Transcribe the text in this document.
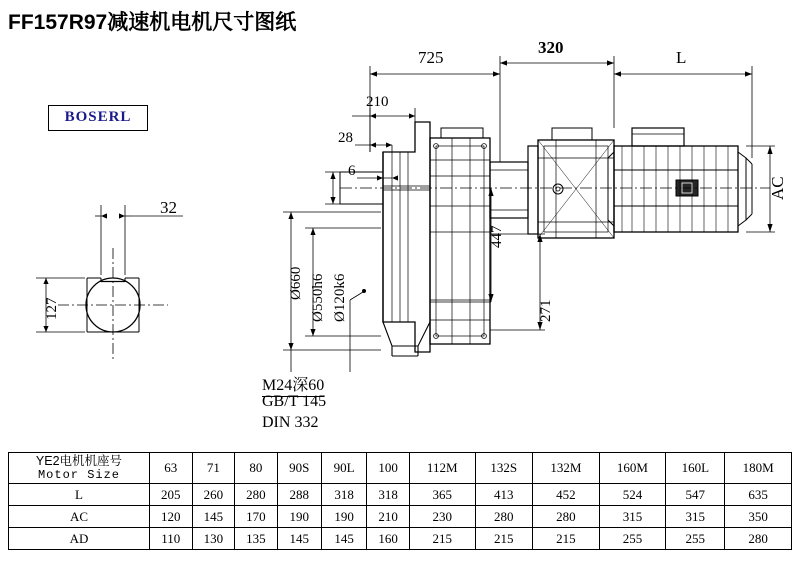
FF157R97减速机电机尺寸图纸
BOSERL
725
320
L
210
28
6
32
127
Ø660 Ø550h6 Ø120k6
447
271
AC
M24深60
GB/T 145
DIN 332
YE2电机机座号
Motor Size	63	71	80	90S	90L	100	112M	132S	132M	160M	160L	180M
L	205	260	280	288	318	318	365	413	452	524	547	635
AC	120	145	170	190	190	210	230	280	280	315	315	350
AD	110	130	135	145	145	160	215	215	215	255	255	280
